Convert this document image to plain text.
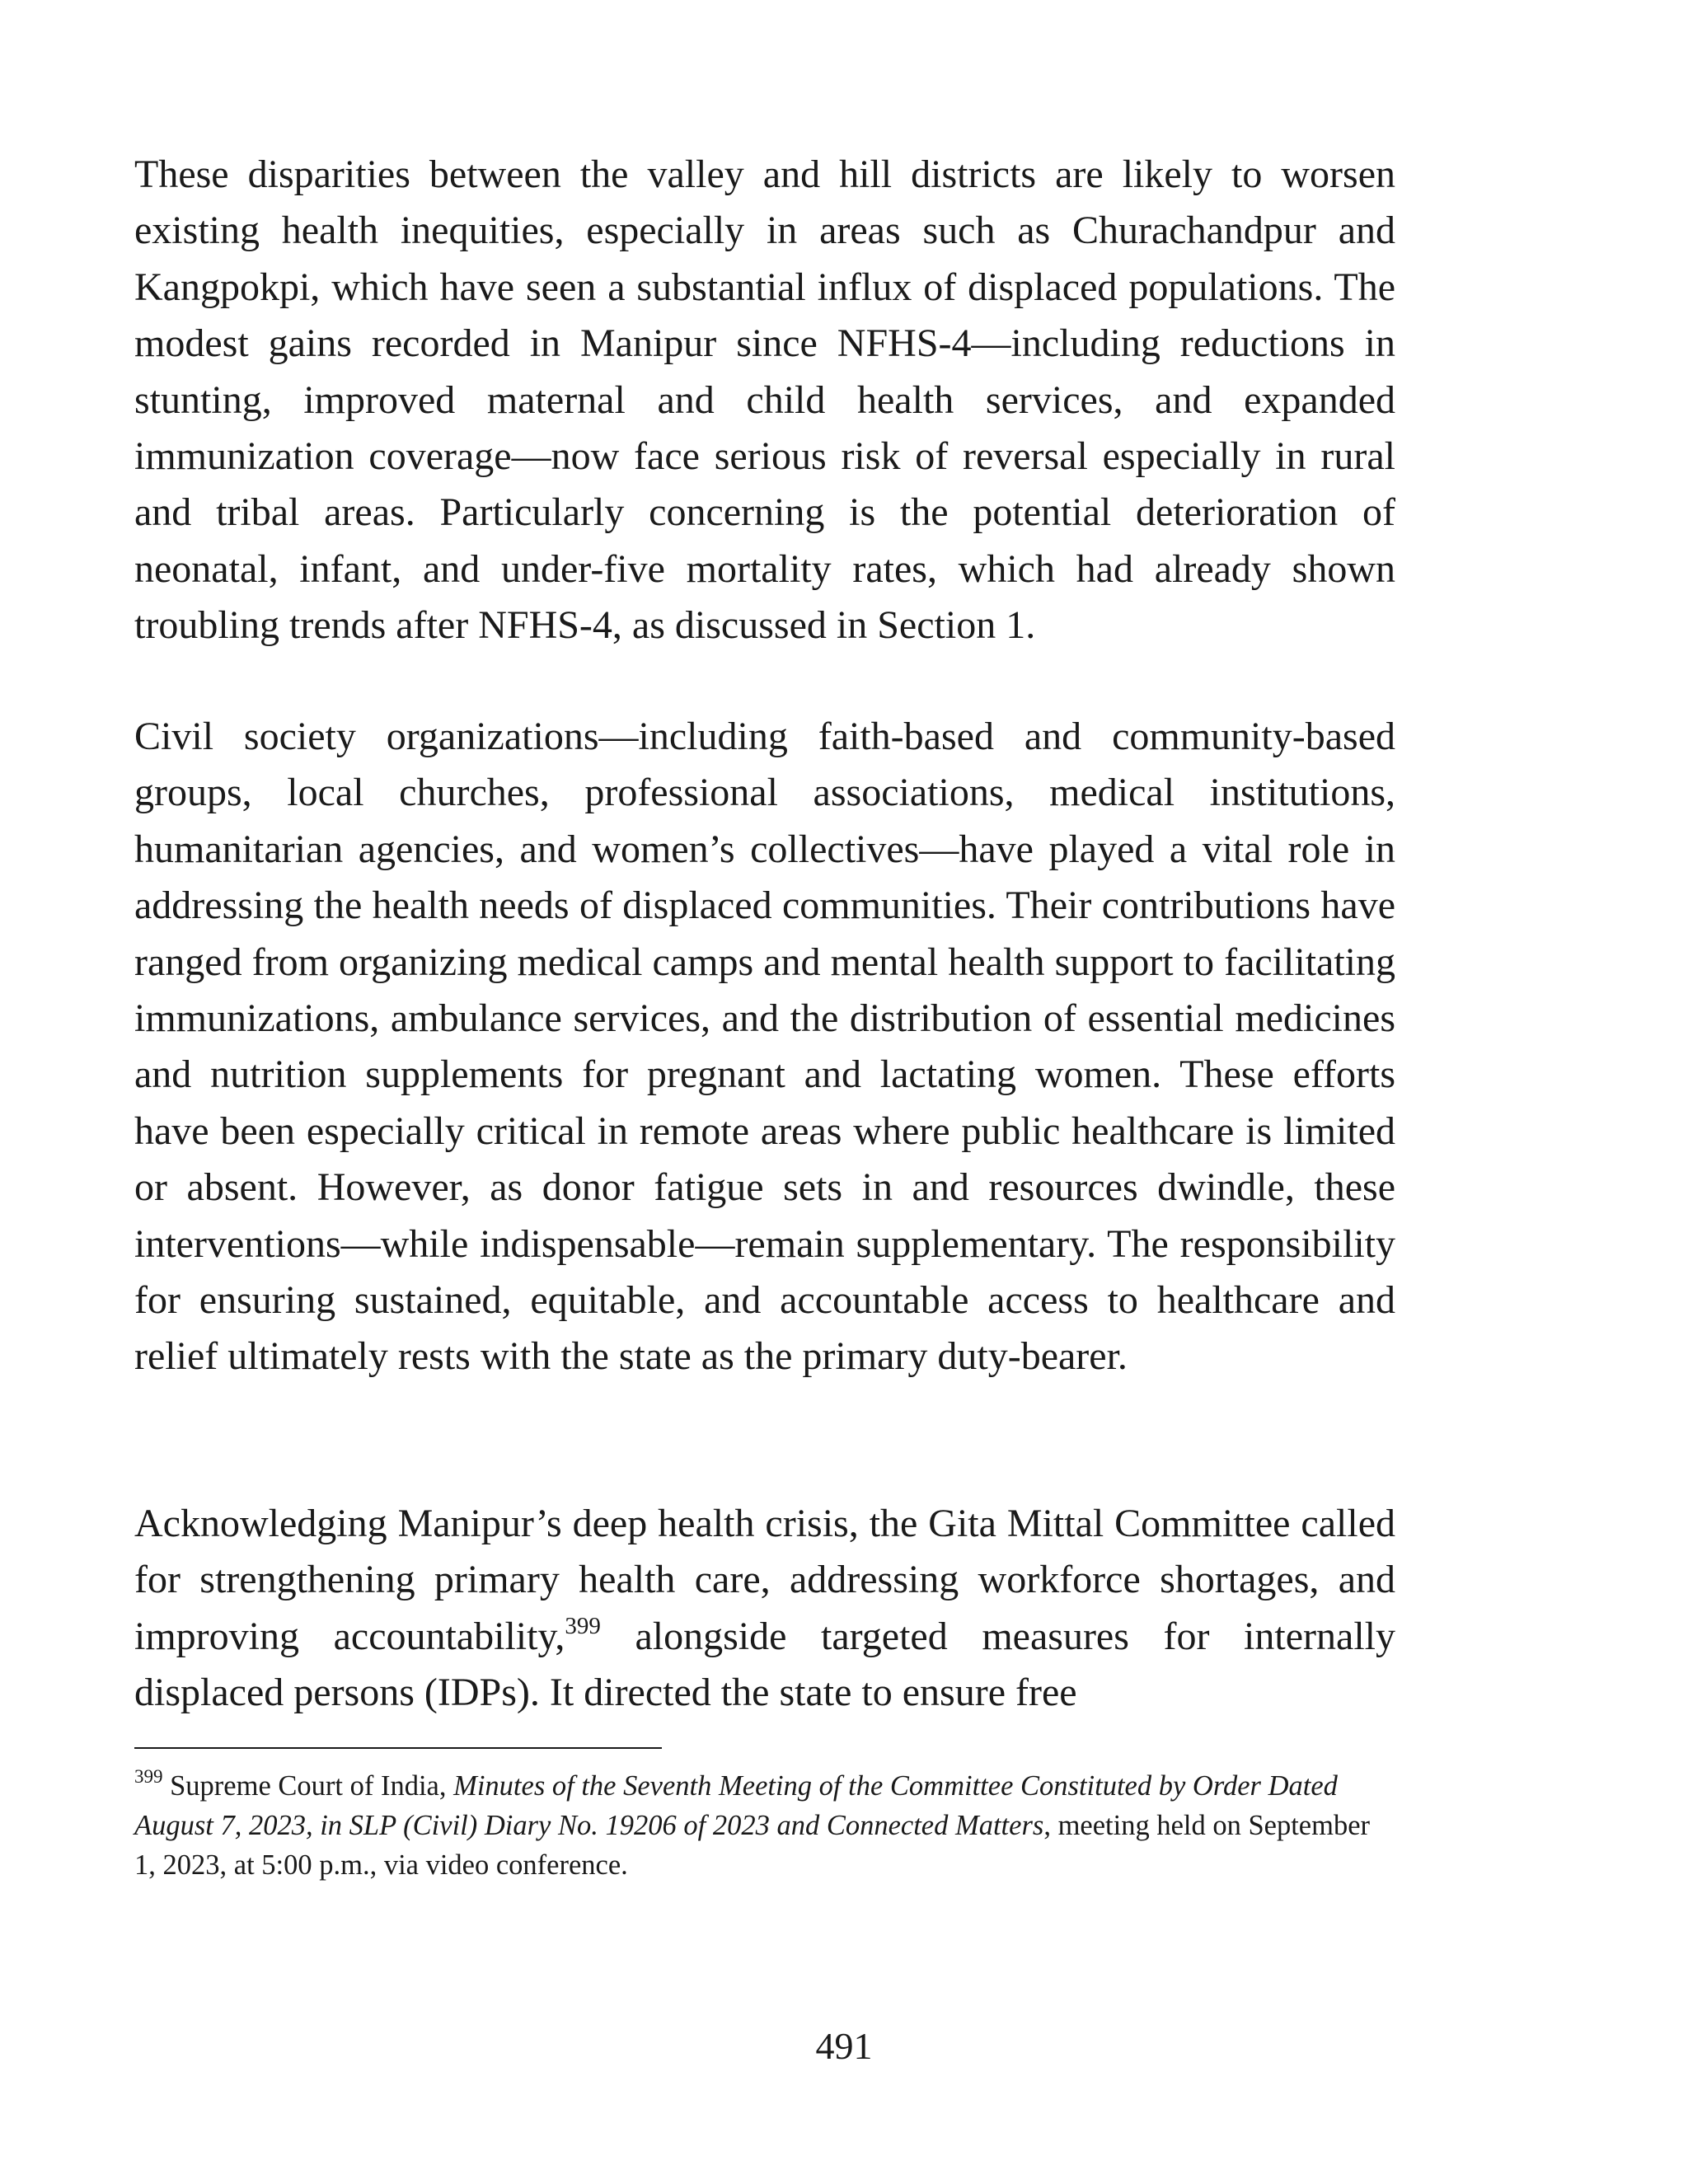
These disparities between the valley and hill districts are likely to worsen existing health inequities, especially in areas such as Churachandpur and Kangpokpi, which have seen a substantial influx of displaced populations. The modest gains recorded in Manipur since NFHS-4—including reductions in stunting, improved maternal and child health services, and expanded immunization coverage—now face serious risk of reversal especially in rural and tribal areas. Particularly concerning is the potential deterioration of neonatal, infant, and under-five mortality rates, which had already shown troubling trends after NFHS-4, as discussed in Section 1.

Civil society organizations—including faith-based and community-based groups, local churches, professional associations, medical institutions, humanitarian agencies, and women’s collectives—have played a vital role in addressing the health needs of displaced communities. Their contributions have ranged from organizing medical camps and mental health support to facilitating immunizations, ambulance services, and the distribution of essential medicines and nutrition supplements for pregnant and lactating women. These efforts have been especially critical in remote areas where public healthcare is limited or absent. However, as donor fatigue sets in and resources dwindle, these interventions—while indispensable—remain supplementary. The responsibility for ensuring sustained, equitable, and accountable access to healthcare and relief ultimately rests with the state as the primary duty-bearer.

Acknowledging Manipur’s deep health crisis, the Gita Mittal Committee called for strengthening primary health care, addressing workforce shortages, and improving accountability,$^{399}$ alongside targeted measures for internally displaced persons (IDPs). It directed the state to ensure free

$^{399}$ Supreme Court of India, Minutes of the Seventh Meeting of the Committee Constituted by Order Dated August 7, 2023, in SLP (Civil) Diary No. 19206 of 2023 and Connected Matters, meeting held on September 1, 2023, at 5:00 p.m., via video conference.

491
